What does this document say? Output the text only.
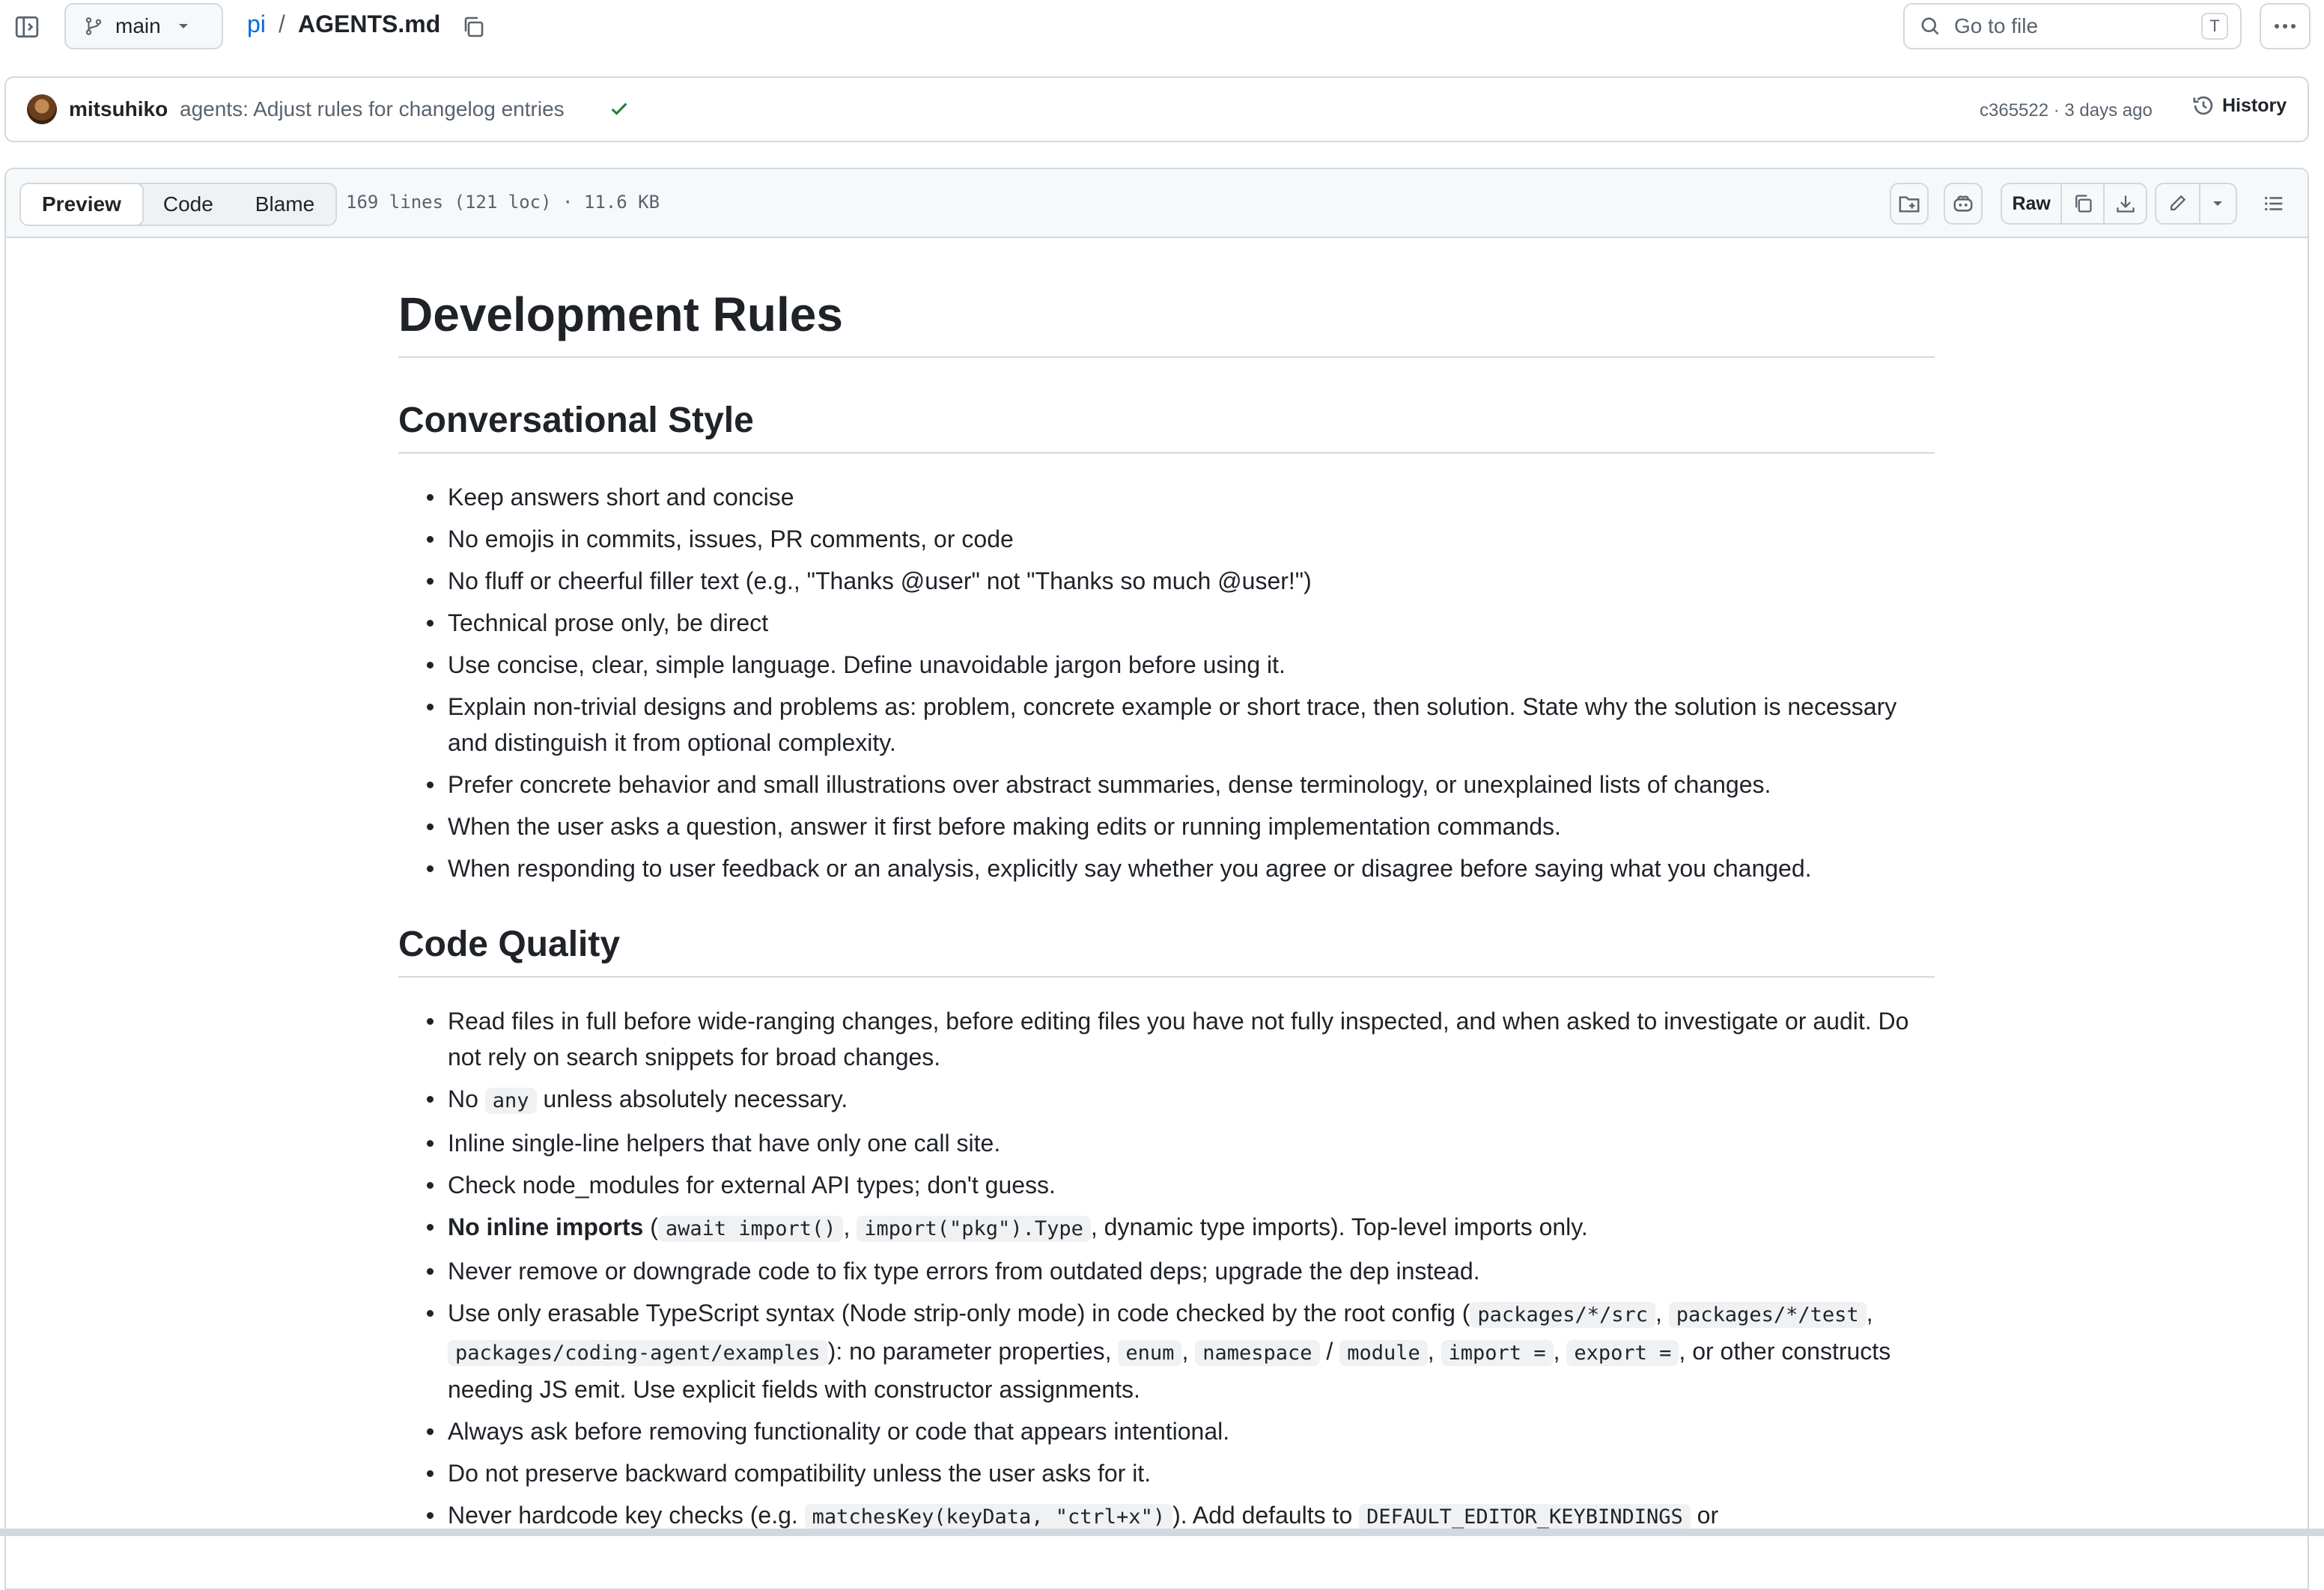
main	pi / AGENTS.md	Go to file	T
mitsuhiko agents: Adjust rules for changelog entries	c365522 · 3 days ago	History
Preview	Code	Blame	169 lines (121 loc) · 11.6 KB	Raw
Development Rules
Conversational Style
Keep answers short and concise
No emojis in commits, issues, PR comments, or code
No fluff or cheerful filler text (e.g., "Thanks @user" not "Thanks so much @user!")
Technical prose only, be direct
Use concise, clear, simple language. Define unavoidable jargon before using it.
Explain non-trivial designs and problems as: problem, concrete example or short trace, then solution. State why the solution is necessary and distinguish it from optional complexity.
Prefer concrete behavior and small illustrations over abstract summaries, dense terminology, or unexplained lists of changes.
When the user asks a question, answer it first before making edits or running implementation commands.
When responding to user feedback or an analysis, explicitly say whether you agree or disagree before saying what you changed.
Code Quality
Read files in full before wide-ranging changes, before editing files you have not fully inspected, and when asked to investigate or audit. Do not rely on search snippets for broad changes.
No any unless absolutely necessary.
Inline single-line helpers that have only one call site.
Check node_modules for external API types; don't guess.
No inline imports ( await import() , import("pkg").Type , dynamic type imports). Top-level imports only.
Never remove or downgrade code to fix type errors from outdated deps; upgrade the dep instead.
Use only erasable TypeScript syntax (Node strip-only mode) in code checked by the root config ( packages/*/src , packages/*/test , packages/coding-agent/examples ): no parameter properties, enum , namespace / module , import = , export = , or other constructs needing JS emit. Use explicit fields with constructor assignments.
Always ask before removing functionality or code that appears intentional.
Do not preserve backward compatibility unless the user asks for it.
Never hardcode key checks (e.g. matchesKey(keyData, "ctrl+x") ). Add defaults to DEFAULT_EDITOR_KEYBINDINGS or
